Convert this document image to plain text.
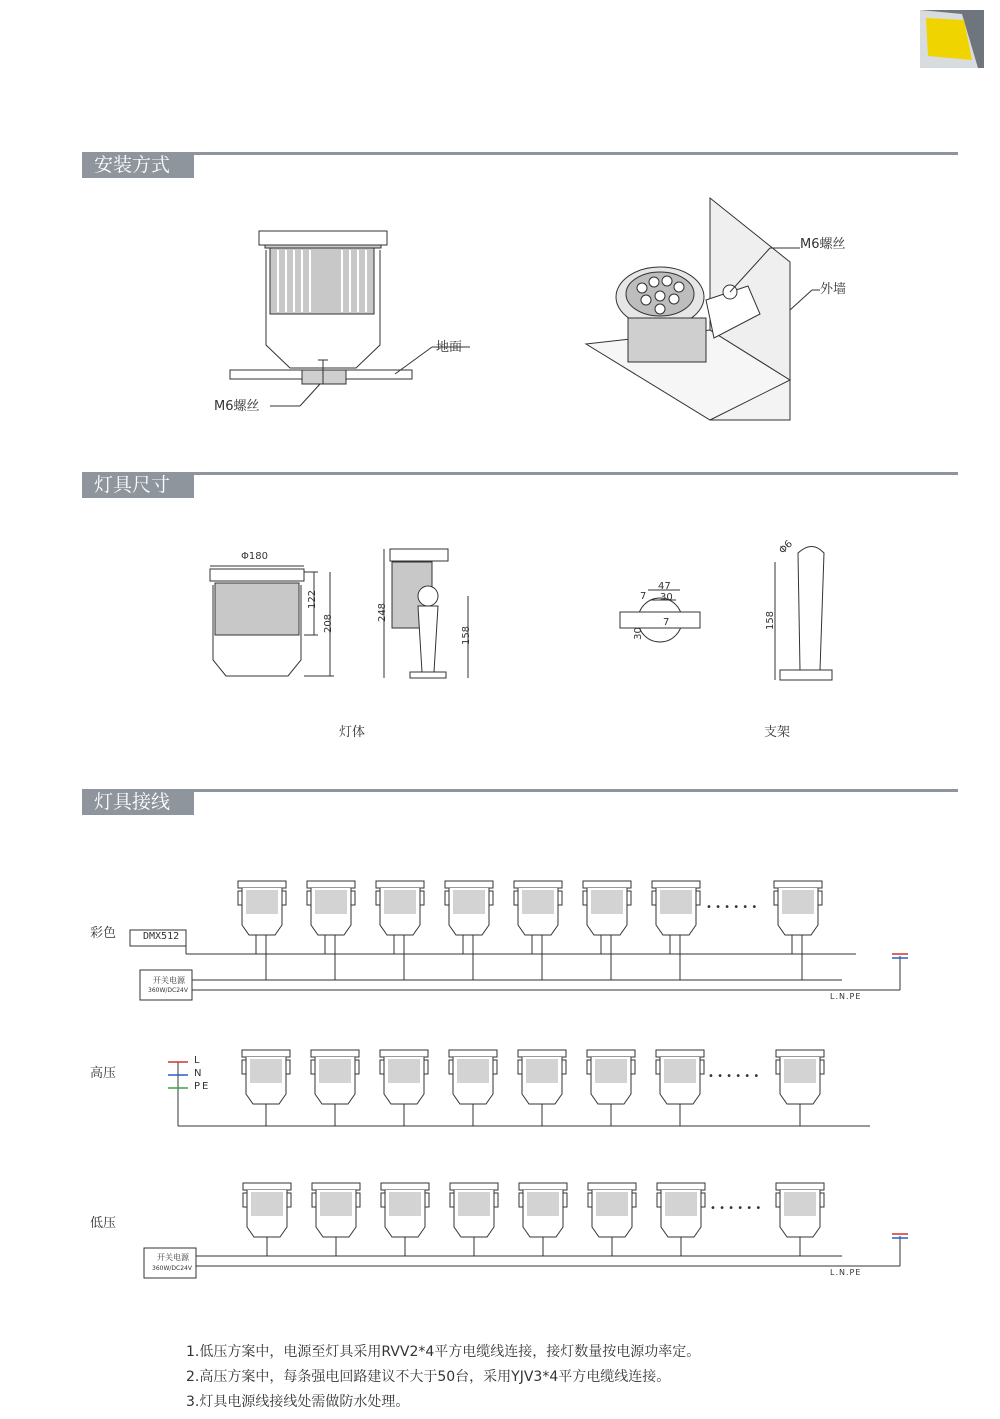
安装方式
灯具尺寸
灯具接线
地面
M6螺丝
M6螺丝
外墙
Φ180
122
208
248
158
47
30
7
7
30
Φ6
158
灯体	支架
彩色
高压
低压
DMX512
开关电源
360W/DC24V
开关电源
360W/DC24V
L.N.PE
L.N.PE
L
N
PE
• • • • • •
• • • • • •
• • • • • •
1.低压方案中，电源至灯具采用RVV2*4平方电缆线连接，接灯数量按电源功率定。
2.高压方案中，每条强电回路建议不大于50台，采用YJV3*4平方电缆线连接。
3.灯具电源线接线处需做防水处理。
